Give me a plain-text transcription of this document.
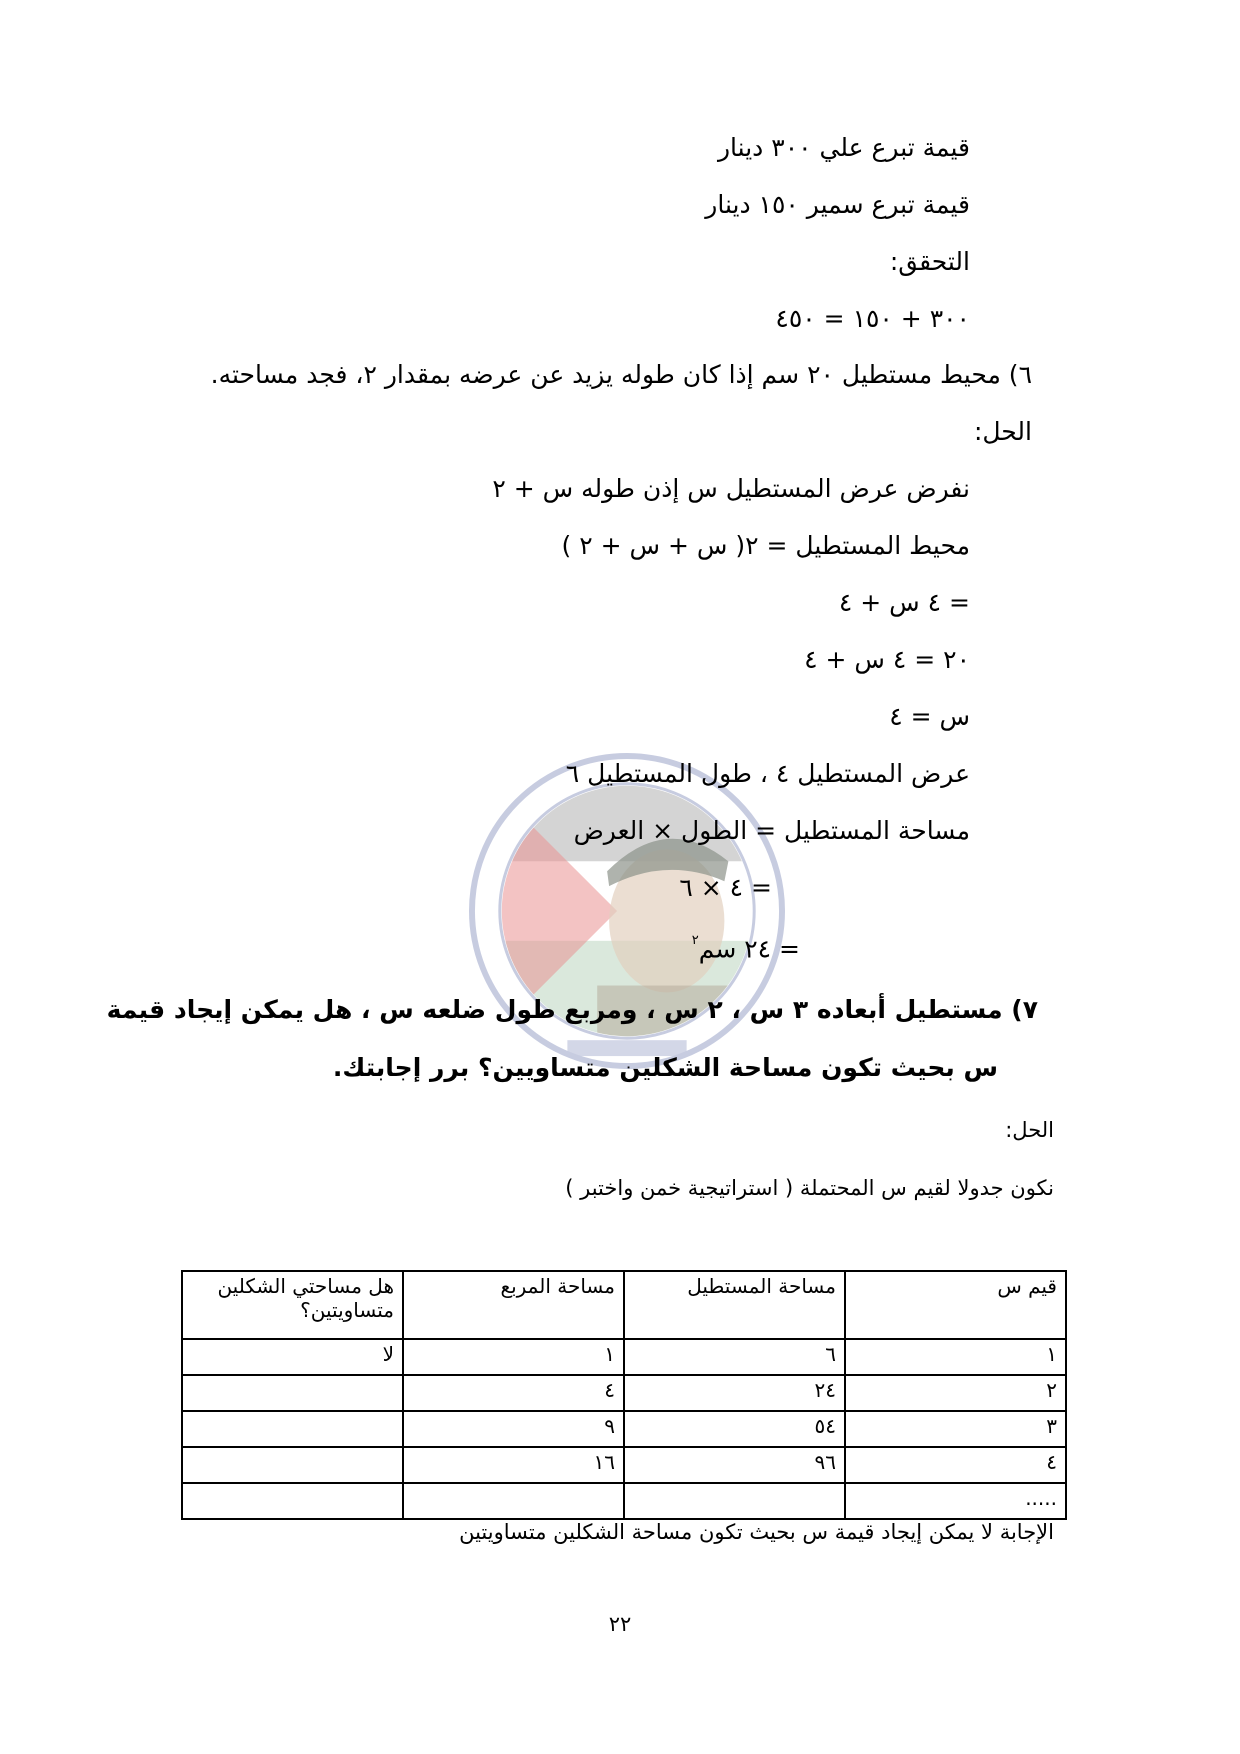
قيمة تبرع علي ٣٠٠ دينار
قيمة تبرع سمير ١٥٠ دينار
التحقق:
٣٠٠ + ١٥٠ = ٤٥٠
٦) محيط مستطيل ٢٠ سم إذا كان طوله يزيد عن عرضه بمقدار ٢، فجد مساحته.
الحل:
نفرض عرض المستطيل س إذن طوله س + ٢
محيط المستطيل = ٢( س + س + ٢ )
= ٤ س + ٤
٢٠ = ٤ س + ٤
س = ٤
عرض المستطيل ٤ ، طول المستطيل ٦
مساحة المستطيل = الطول × العرض
= ٤ × ٦
= ٢٤ سم$^٢$
٧) مستطيل أبعاده ٣ س ، ٢ س ، ومربع طول ضلعه س ، هل يمكن إيجاد قيمة
س بحيث تكون مساحة الشكلين متساويين؟ برر إجابتك.
الحل:
نكون جدولا لقيم س المحتملة ( استراتيجية خمن واختبر )
قيم س	مساحة المستطيل	مساحة المربع	هل مساحتي الشكلين متساويتين؟
١	٦	١	لا
٢	٢٤	٤	
٣	٥٤	٩	
٤	٩٦	١٦	
.....			
الإجابة لا يمكن إيجاد قيمة س بحيث تكون مساحة الشكلين متساويتين
٢٢
